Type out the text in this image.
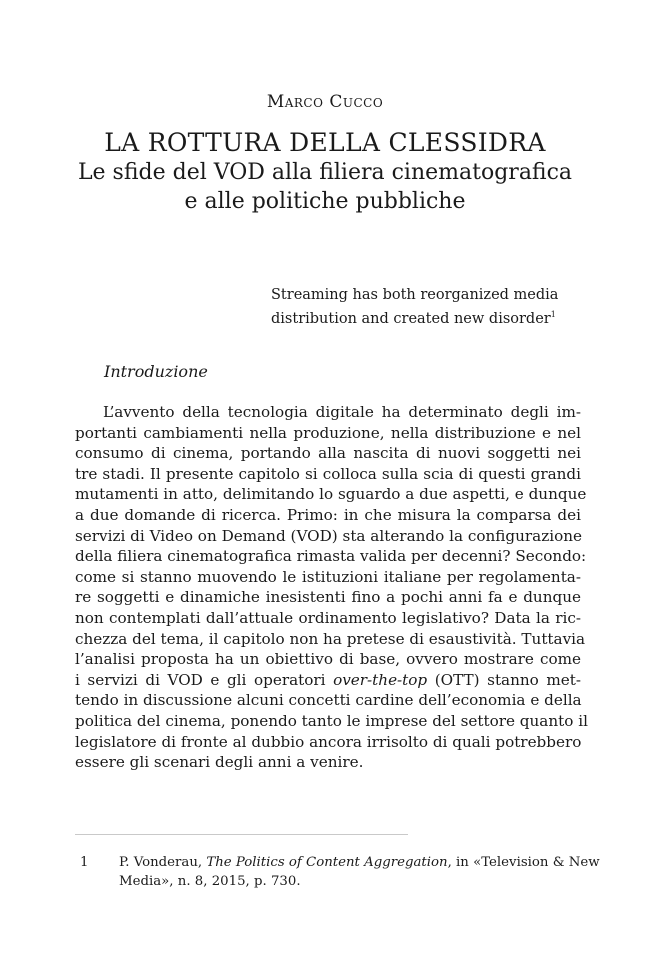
Marco Cucco
LA ROTTURA DELLA CLESSIDRA
Le sfide del VOD alla filiera cinematografica
e alle politiche pubbliche
Streaming has both reorganized media
distribution and created new disorder$^1$
Introduzione
L’avvento della tecnologia digitale ha determinato degli im-
portanti cambiamenti nella produzione, nella distribuzione e nel
consumo di cinema, portando alla nascita di nuovi soggetti nei
tre stadi. Il presente capitolo si colloca sulla scia di questi grandi
mutamenti in atto, delimitando lo sguardo a due aspetti, e dunque
a due domande di ricerca. Primo: in che misura la comparsa dei
servizi di Video on Demand (VOD) sta alterando la configurazione
della filiera cinematografica rimasta valida per decenni? Secondo:
come si stanno muovendo le istituzioni italiane per regolamenta-
re soggetti e dinamiche inesistenti fino a pochi anni fa e dunque
non contemplati dall’attuale ordinamento legislativo? Data la ric-
chezza del tema, il capitolo non ha pretese di esaustività. Tuttavia
l’analisi proposta ha un obiettivo di base, ovvero mostrare come
i servizi di VOD e gli operatori over-the-top (OTT) stanno met-
tendo in discussione alcuni concetti cardine dell’economia e della
politica del cinema, ponendo tanto le imprese del settore quanto il
legislatore di fronte al dubbio ancora irrisolto di quali potrebbero
essere gli scenari degli anni a venire.
1 P. Vonderau, The Politics of Content Aggregation, in «Television & New
Media», n. 8, 2015, p. 730.
